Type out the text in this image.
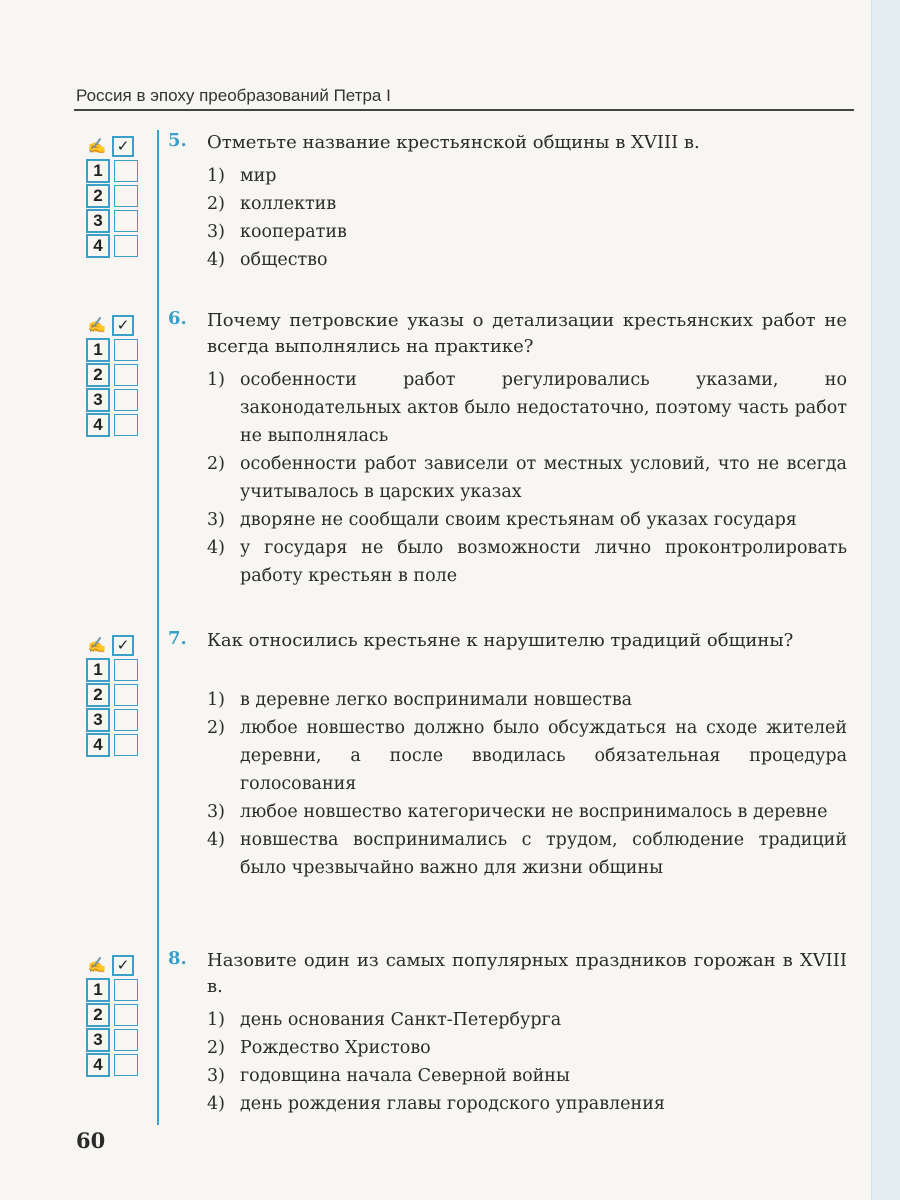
Россия в эпоху преобразований Петра I
5. Отметьте название крестьянской общины в XVIII в.
✍ ✓
1
2
3
4
1) мир
2) коллектив
3) кооператив
4) общество
6. Почему петровские указы о детализации крестьянских работ не всегда выполнялись на практике?
✍ ✓
1
2
3
4
1) особенности работ регулировались указами, но законодательных актов было недостаточно, поэтому часть работ не выполнялась
2) особенности работ зависели от местных условий, что не всегда учитывалось в царских указах
3) дворяне не сообщали своим крестьянам об указах государя
4) у государя не было возможности лично проконтролировать работу крестьян в поле
7. Как относились крестьяне к нарушителю традиций общины?
✍ ✓
1
2
3
4
1) в деревне легко воспринимали новшества
2) любое новшество должно было обсуждаться на сходе жителей деревни, а после вводилась обязательная процедура голосования
3) любое новшество категорически не воспринималось в деревне
4) новшества воспринимались с трудом, соблюдение традиций было чрезвычайно важно для жизни общины
8. Назовите один из самых популярных праздников горожан в XVIII в.
✍ ✓
1
2
3
4
1) день основания Санкт-Петербурга
2) Рождество Христово
3) годовщина начала Северной войны
4) день рождения главы городского управления
60
